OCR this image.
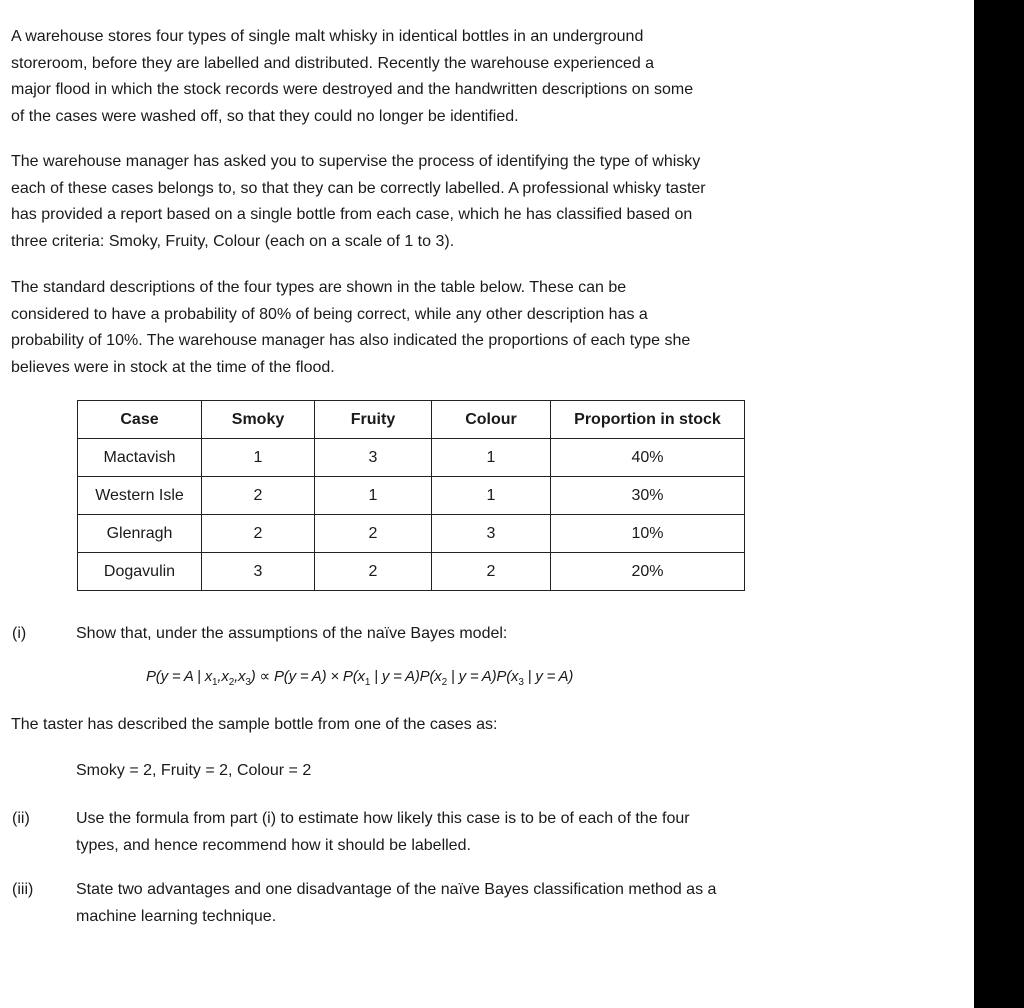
A warehouse stores four types of single malt whisky in identical bottles in an underground
storeroom, before they are labelled and distributed. Recently the warehouse experienced a
major flood in which the stock records were destroyed and the handwritten descriptions on some
of the cases were washed off, so that they could no longer be identified.
The warehouse manager has asked you to supervise the process of identifying the type of whisky
each of these cases belongs to, so that they can be correctly labelled. A professional whisky taster
has provided a report based on a single bottle from each case, which he has classified based on
three criteria: Smoky, Fruity, Colour (each on a scale of 1 to 3).
The standard descriptions of the four types are shown in the table below. These can be
considered to have a probability of 80% of being correct, while any other description has a
probability of 10%. The warehouse manager has also indicated the proportions of each type she
believes were in stock at the time of the flood.
Case	Smoky	Fruity	Colour	Proportion in stock
Mactavish	1	3	1	40%
Western Isle	2	1	1	30%
Glenragh	2	2	3	10%
Dogavulin	3	2	2	20%
(i)	Show that, under the assumptions of the naïve Bayes model:
P(y = A | $x_1,x_2,x_3) \propto P(y = A) \times P(x_1$ | $y = A)P(x_2$ | $y = A)P(x_3$ | y = A)
The taster has described the sample bottle from one of the cases as:
Smoky = 2, Fruity = 2, Colour = 2
(ii)	Use the formula from part (i) to estimate how likely this case is to be of each of the four
types, and hence recommend how it should be labelled.
(iii)	State two advantages and one disadvantage of the naïve Bayes classification method as a
machine learning technique.
